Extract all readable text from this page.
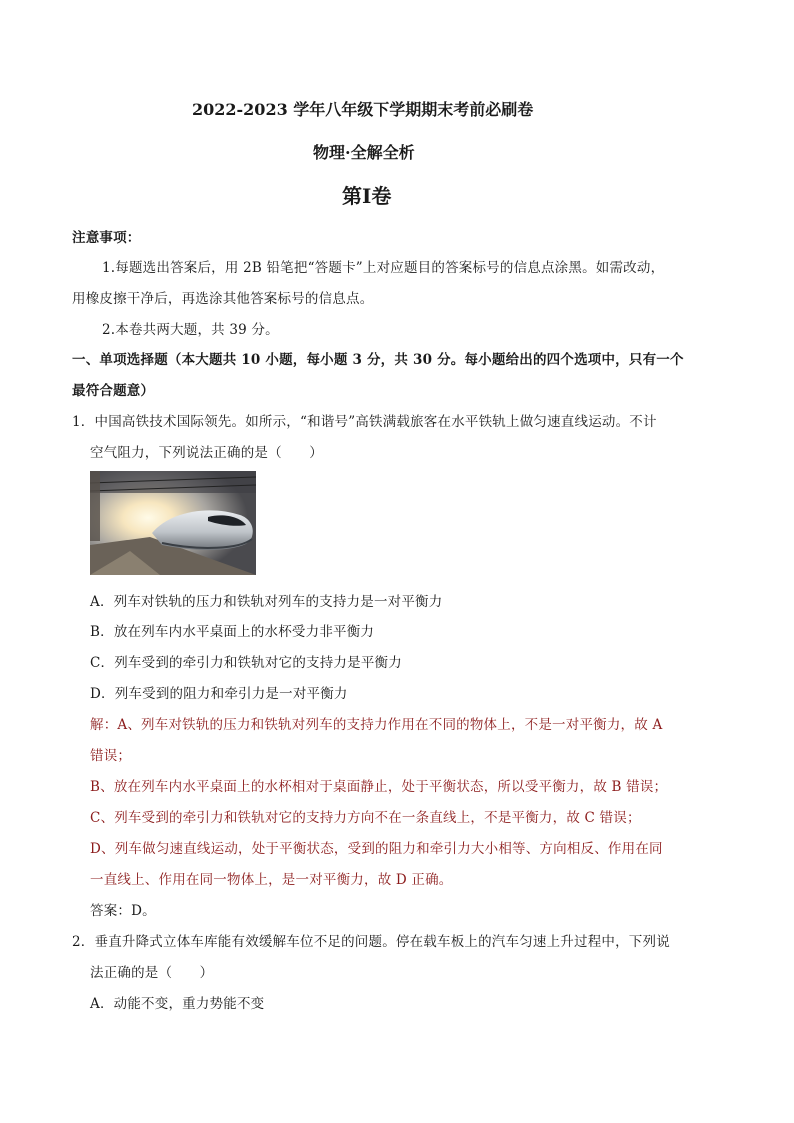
2022-2023 学年八年级下学期期末考前必刷卷
物理·全解全析
第Ⅰ卷
注意事项：
1.每题选出答案后，用 2B 铅笔把“答题卡”上对应题目的答案标号的信息点涂黑。如需改动，
用橡皮擦干净后，再选涂其他答案标号的信息点。
2.本卷共两大题，共 39 分。
一、单项选择题（本大题共 10 小题，每小题 3 分，共 30 分。每小题给出的四个选项中，只有一个
最符合题意）
1．中国高铁技术国际领先。如所示，“和谐号”高铁满载旅客在水平铁轨上做匀速直线运动。不计
空气阻力，下列说法正确的是（　　）
A．列车对铁轨的压力和铁轨对列车的支持力是一对平衡力
B．放在列车内水平桌面上的水杯受力非平衡力
C．列车受到的牵引力和铁轨对它的支持力是平衡力
D．列车受到的阻力和牵引力是一对平衡力
解：A、列车对铁轨的压力和铁轨对列车的支持力作用在不同的物体上，不是一对平衡力，故 A
错误；
B、放在列车内水平桌面上的水杯相对于桌面静止，处于平衡状态，所以受平衡力，故 B 错误；
C、列车受到的牵引力和铁轨对它的支持力方向不在一条直线上，不是平衡力，故 C 错误；
D、列车做匀速直线运动，处于平衡状态，受到的阻力和牵引力大小相等、方向相反、作用在同
一直线上、作用在同一物体上，是一对平衡力，故 D 正确。
答案：D。
2．垂直升降式立体车库能有效缓解车位不足的问题。停在载车板上的汽车匀速上升过程中，下列说
法正确的是（　　）
A．动能不变，重力势能不变
